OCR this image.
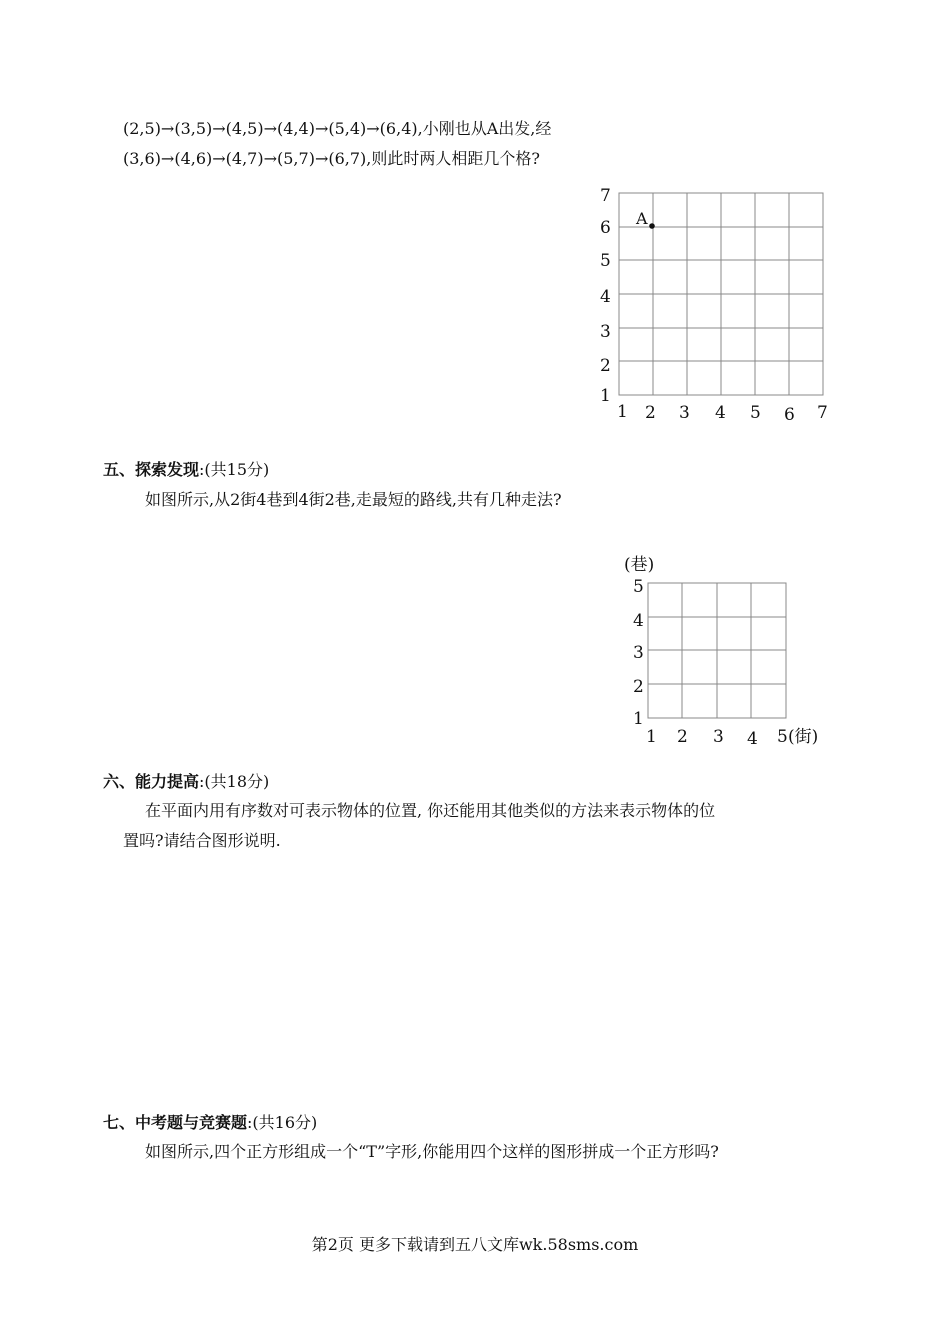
(2,5)→(3,5)→(4,5)→(4,4)→(5,4)→(6,4),小刚也从A出发,经
(3,6)→(4,6)→(4,7)→(5,7)→(6,7),则此时两人相距几个格?
7
6
5
4
3
2
1
1 2 3 4 5 6 7
A
五、探索发现:(共15分)
如图所示,从2街4巷到4街2巷,走最短的路线,共有几种走法?
(巷)
5
4
3
2
1
1 2 3 4 5 (街)
六、能力提高:(共18分)
在平面内用有序数对可表示物体的位置, 你还能用其他类似的方法来表示物体的位
置吗?请结合图形说明.
七、中考题与竞赛题:(共16分)
如图所示,四个正方形组成一个“T”字形,你能用四个这样的图形拼成一个正方形吗?
第2页 更多下载请到五八文库wk.58sms.com
